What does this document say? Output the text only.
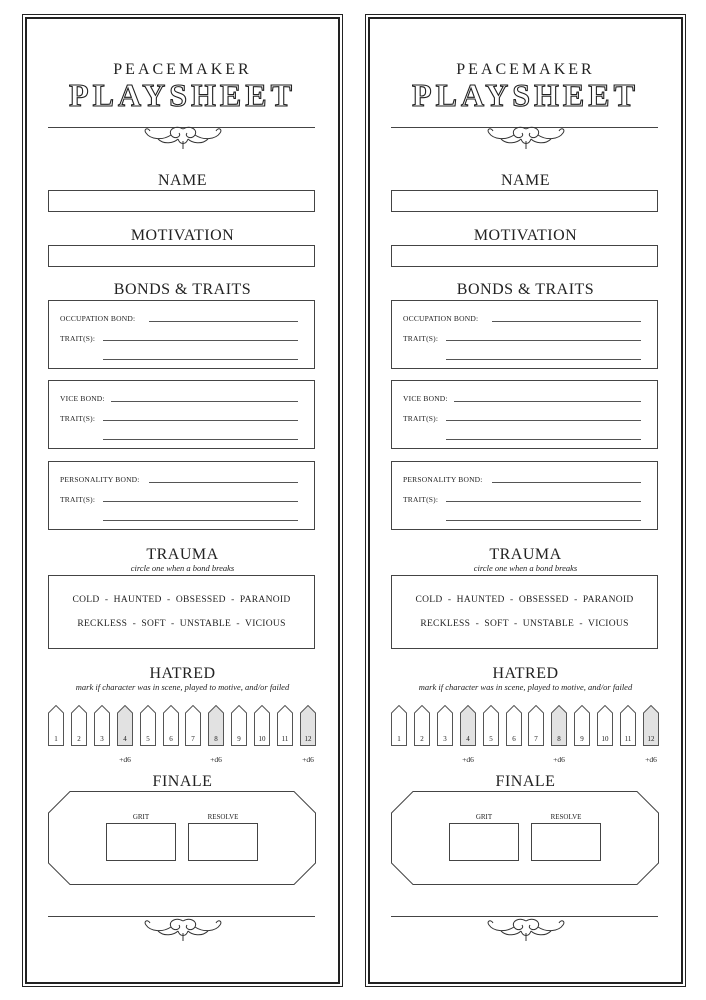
PEACEMAKER
PLAYSHEET
NAME
MOTIVATION
BONDS & TRAITS
OCCUPATION BOND:
TRAIT(S):
VICE BOND:
TRAIT(S):
PERSONALITY BOND:
TRAIT(S):
TRAUMA
circle one when a bond breaks
COLD  -  HAUNTED  -  OBSESSED  -  PARANOID
RECKLESS  -  SOFT  -  UNSTABLE  -  VICIOUS
HATRED
mark if character was in scene, played to motive, and/or failed
1	2	3	4
+d6
5	6	7	8
+d6
9	10	11	12
+d6
FINALE
GRIT	RESOLVE
PEACEMAKER
PLAYSHEET
NAME
MOTIVATION
BONDS & TRAITS
OCCUPATION BOND:
TRAIT(S):
VICE BOND:
TRAIT(S):
PERSONALITY BOND:
TRAIT(S):
TRAUMA
circle one when a bond breaks
COLD  -  HAUNTED  -  OBSESSED  -  PARANOID
RECKLESS  -  SOFT  -  UNSTABLE  -  VICIOUS
HATRED
mark if character was in scene, played to motive, and/or failed
1	2	3	4
+d6
5	6	7	8
+d6
9	10	11	12
+d6
FINALE
GRIT	RESOLVE
